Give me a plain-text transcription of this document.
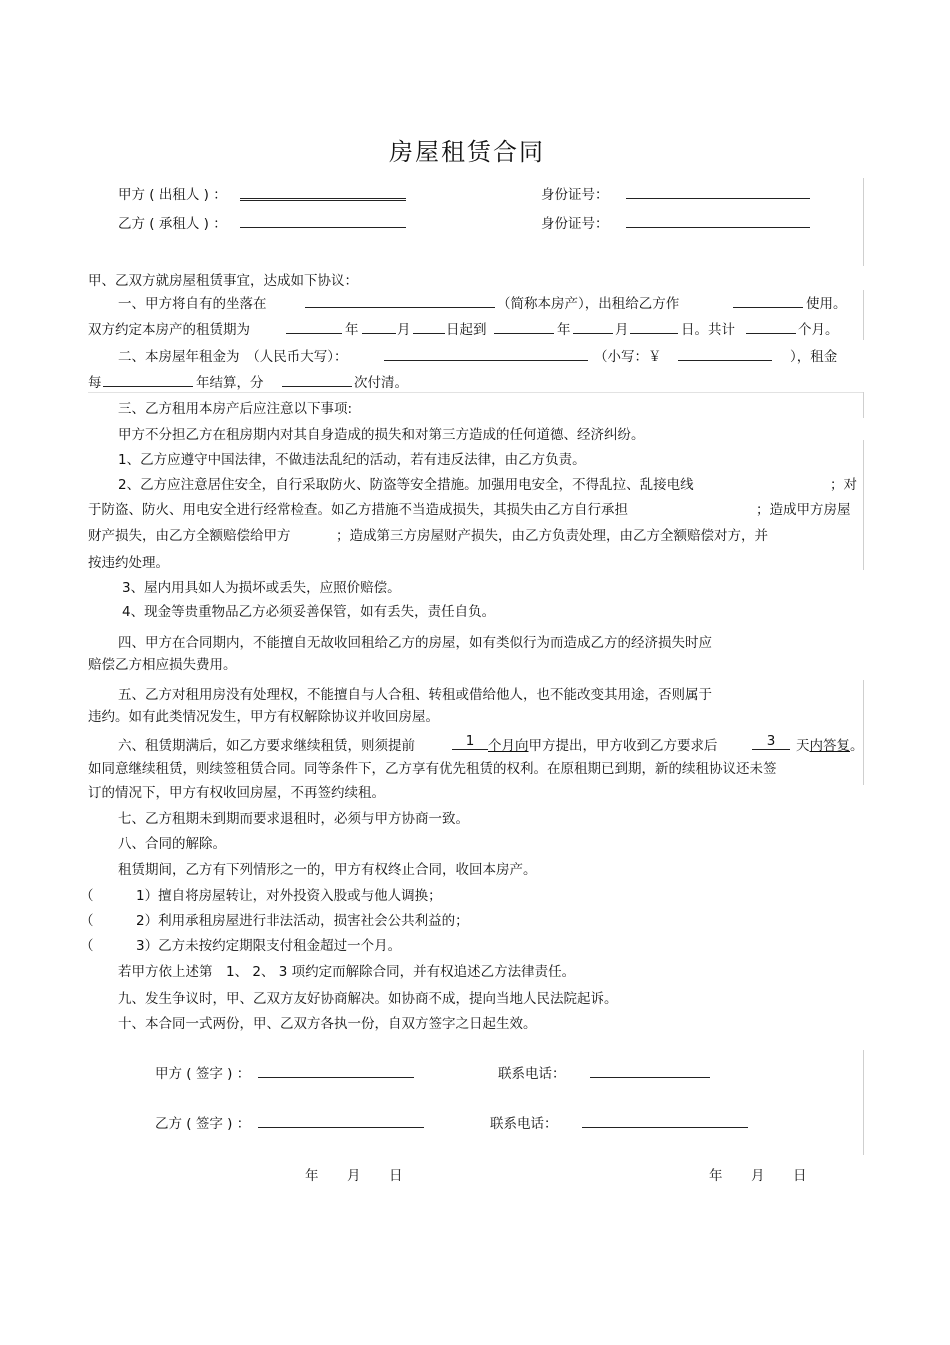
房屋租赁合同
甲方 ( 出租人 ) ：	身份证号：
乙方 ( 承租人 ) ：	身份证号：
甲、乙双方就房屋租赁事宜，达成如下协议：
一、甲方将自有的坐落在	（简称本房产），出租给乙方作	使用。
双方约定本房产的租赁期为	年	月	日起到	年	月	日。共计	个月。
二、本房屋年租金为　（人民币大写）：	（小写：￥	），租金
每	年结算，分	次付清。
三、乙方租用本房产后应注意以下事项:
甲方不分担乙方在租房期内对其自身造成的损失和对第三方造成的任何道德、经济纠纷。
1、乙方应遵守中国法律，不做违法乱纪的活动，若有违反法律，由乙方负责。
2、乙方应注意居住安全，自行采取防火、防盗等安全措施。加强用电安全，不得乱拉、乱接电线	；对
于防盗、防火、用电安全进行经常检查。如乙方措施不当造成损失，其损失由乙方自行承担	；造成甲方房屋
财产损失，由乙方全额赔偿给甲方	；造成第三方房屋财产损失，由乙方负责处理，由乙方全额赔偿对方，并
按违约处理。
3、屋内用具如人为损坏或丢失，应照价赔偿。
4、现金等贵重物品乙方必须妥善保管，如有丢失，责任自负。
四、甲方在合同期内，不能擅自无故收回租给乙方的房屋，如有类似行为而造成乙方的经济损失时应
赔偿乙方相应损失费用。
五、乙方对租用房没有处理权，不能擅自与人合租、转租或借给他人，也不能改变其用途，否则属于
违约。如有此类情况发生，甲方有权解除协议并收回房屋。
六、租赁期满后，如乙方要求继续租赁，则须提前	1	个月向甲方提出，甲方收到乙方要求后	3	天内答复。
如同意继续租赁，则续签租赁合同。同等条件下，乙方享有优先租赁的权利。在原租期已到期，新的续租协议还未签
订的情况下，甲方有权收回房屋，不再签约续租。
七、乙方租期未到期而要求退租时，必须与甲方协商一致。
八、合同的解除。
租赁期间，乙方有下列情形之一的，甲方有权终止合同，收回本房产。
（	1）擅自将房屋转让，对外投资入股或与他人调换；
（	2）利用承租房屋进行非法活动，损害社会公共利益的；
（	3）乙方未按约定期限支付租金超过一个月。
若甲方依上述第　1、 2、 3 项约定而解除合同，并有权追述乙方法律责任。
九、发生争议时，甲、乙双方友好协商解决。如协商不成，提向当地人民法院起诉。
十、本合同一式两份，甲、乙双方各执一份，自双方签字之日起生效。
甲方 ( 签字 ) ：	联系电话：
乙方 ( 签字 ) ：	联系电话：
年 月 日	年 月 日
